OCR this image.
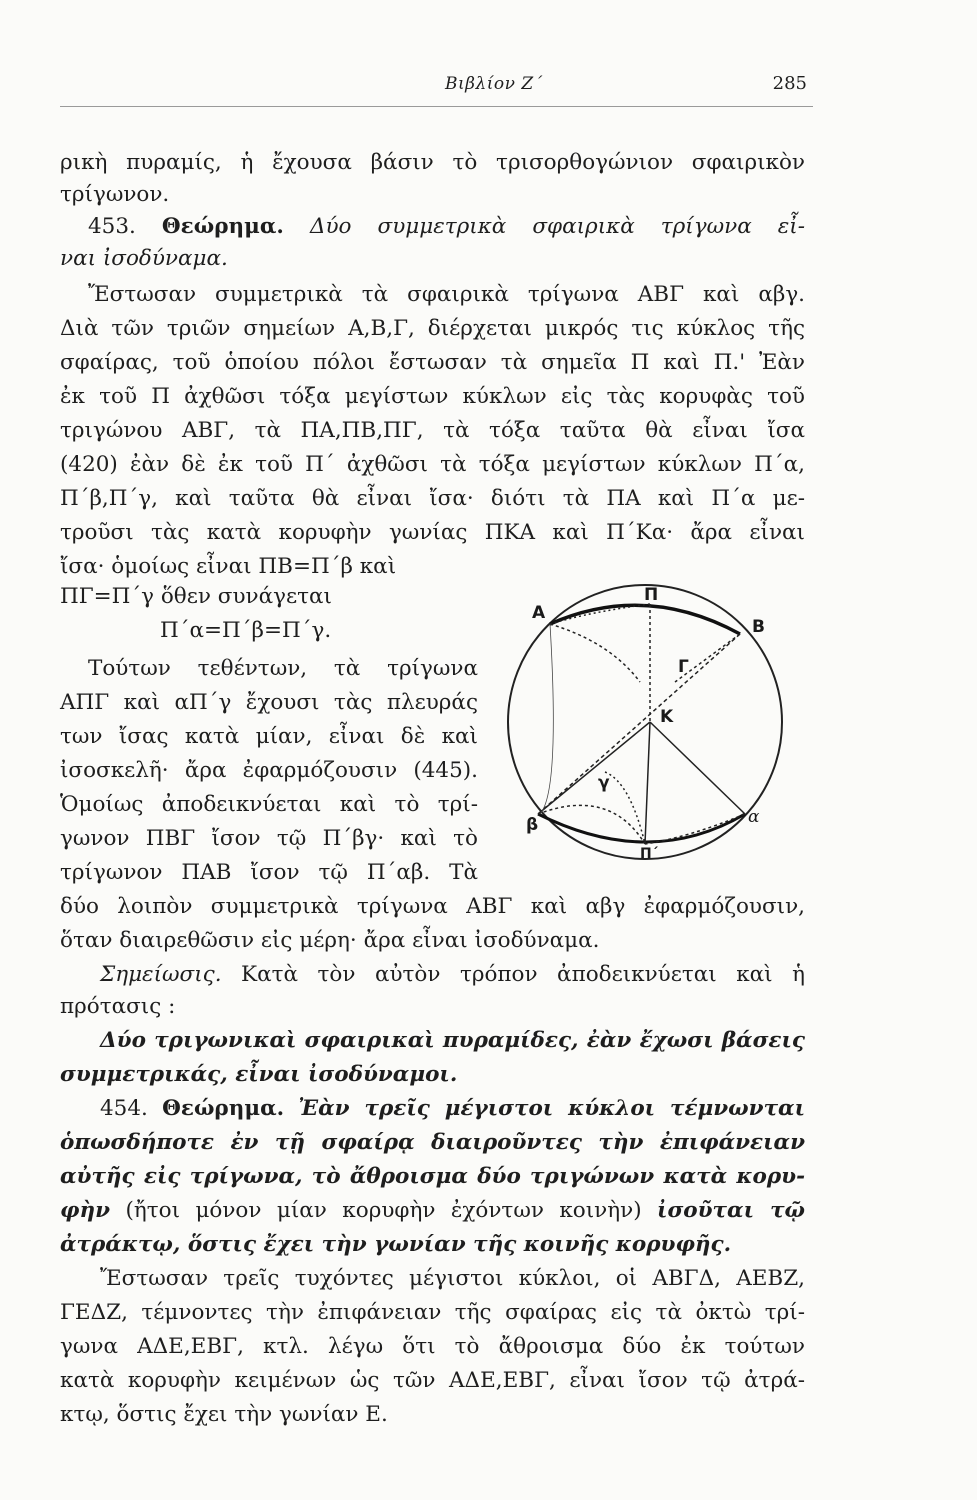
Βιβλίον Ζ΄	285
ρικὴ πυραμίς, ἡ ἔχουσα βάσιν τὸ τρισορθογώνιον σφαιρικὸν
τρίγωνον.
453. Θεώρημα. Δύο συμμετρικὰ σφαιρικὰ τρίγωνα εἶ-
ναι ἰσοδύναμα.
Ἔστωσαν συμμετρικὰ τὰ σφαιρικὰ τρίγωνα ΑΒΓ καὶ αβγ.
Διὰ τῶν τριῶν σημείων Α,Β,Γ, διέρχεται μικρός τις κύκλος τῆς
σφαίρας, τοῦ ὁποίου πόλοι ἔστωσαν τὰ σημεῖα Π καὶ Π.' Ἐὰν
ἐκ τοῦ Π ἀχθῶσι τόξα μεγίστων κύκλων εἰς τὰς κορυφὰς τοῦ
τριγώνου ΑΒΓ, τὰ ΠΑ,ΠΒ,ΠΓ, τὰ τόξα ταῦτα θὰ εἶναι ἴσα
(420) ἐὰν δὲ ἐκ τοῦ Π΄ ἀχθῶσι τὰ τόξα μεγίστων κύκλων Π΄α,
Π΄β,Π΄γ, καὶ ταῦτα θὰ εἶναι ἴσα· διότι τὰ ΠΑ καὶ Π΄α με-
τροῦσι τὰς κατὰ κορυφὴν γωνίας ΠΚΑ καὶ Π΄Κα· ἄρα εἶναι
ἴσα· ὁμοίως εἶναι ΠΒ=Π΄β καὶ
ΠΓ=Π΄γ ὅθεν συνάγεται
Π΄α=Π΄β=Π΄γ.
Τούτων τεθέντων, τὰ τρίγωνα
ΑΠΓ καὶ αΠ΄γ ἔχουσι τὰς πλευράς
των ἴσας κατὰ μίαν, εἶναι δὲ καὶ
ἰσοσκελῆ· ἄρα ἐφαρμόζουσιν (445).
Ὁμοίως ἀποδεικνύεται καὶ τὸ τρί-
γωνον ΠΒΓ ἴσον τῷ Π΄βγ· καὶ τὸ
τρίγωνον ΠΑΒ ἴσον τῷ Π΄αβ. Τὰ
δύο λοιπὸν συμμετρικὰ τρίγωνα ΑΒΓ καὶ αβγ ἐφαρμόζουσιν,
ὅταν διαιρεθῶσιν εἰς μέρη· ἄρα εἶναι ἰσοδύναμα.
Σημείωσις. Κατὰ τὸν αὐτὸν τρόπον ἀποδεικνύεται καὶ ἡ
πρότασις :
Δύο τριγωνικαὶ σφαιρικαὶ πυραμίδες, ἐὰν ἔχωσι βάσεις
συμμετρικάς, εἶναι ἰσοδύναμοι.
454. Θεώρημα. Ἐὰν τρεῖς μέγιστοι κύκλοι τέμνωνται
ὁπωσδήποτε ἐν τῇ σφαίρᾳ διαιροῦντες τὴν ἐπιφάνειαν
αὐτῆς εἰς τρίγωνα, τὸ ἄθροισμα δύο τριγώνων κατὰ κορυ-
φὴν (ἤτοι μόνον μίαν κορυφὴν ἐχόντων κοινὴν) ἰσοῦται τῷ
ἀτράκτῳ, ὅστις ἔχει τὴν γωνίαν τῆς κοινῆς κορυφῆς.
Ἔστωσαν τρεῖς τυχόντες μέγιστοι κύκλοι, οἱ ΑΒΓΔ, ΑΕΒΖ,
ΓΕΔΖ, τέμνοντες τὴν ἐπιφάνειαν τῆς σφαίρας εἰς τὰ ὀκτὼ τρί-
γωνα ΑΔΕ,ΕΒΓ, κτλ. λέγω ὅτι τὸ ἄθροισμα δύο ἐκ τούτων
κατὰ κορυφὴν κειμένων ὡς τῶν ΑΔΕ,ΕΒΓ, εἶναι ἴσον τῷ ἀτρά-
κτῳ, ὅστις ἔχει τὴν γωνίαν Ε.
A
B
Π
Γ
K
α
β
γ
Π΄
